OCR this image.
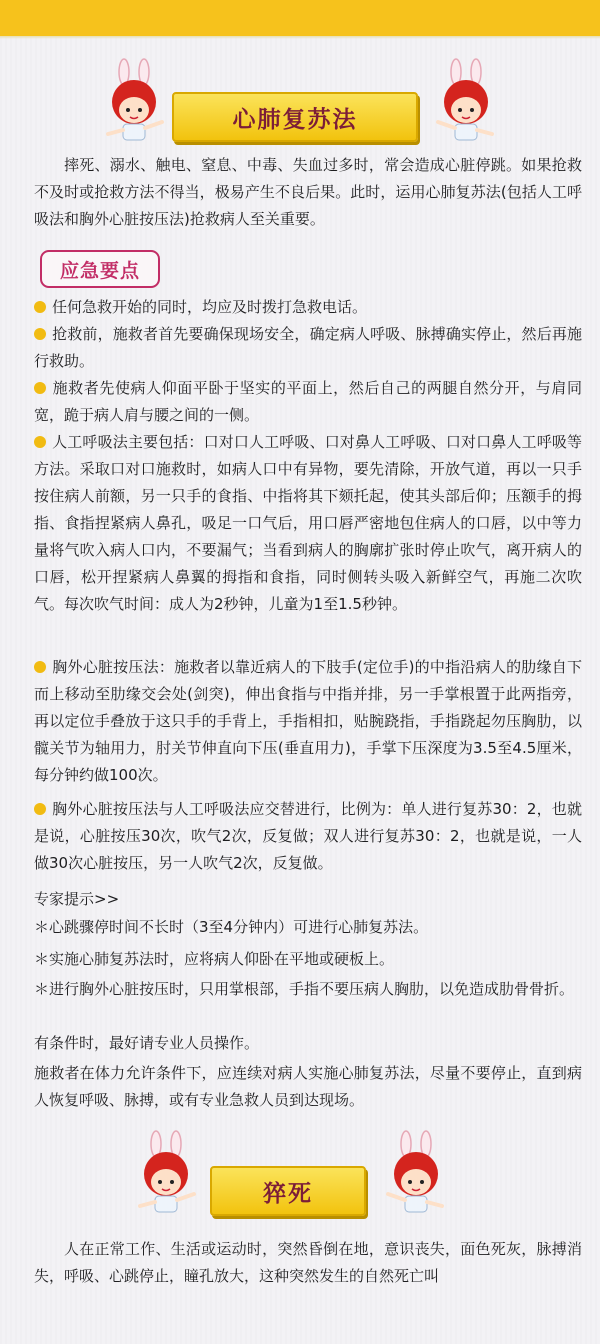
心肺复苏法
摔死、溺水、触电、窒息、中毒、失血过多时，常会造成心脏停跳。如果抢救不及时或抢救方法不得当，极易产生不良后果。此时，运用心肺复苏法(包括人工呼吸法和胸外心脏按压法)抢救病人至关重要。
应急要点
任何急救开始的同时，均应及时拨打急救电话。
抢救前，施救者首先要确保现场安全，确定病人呼吸、脉搏确实停止，然后再施行救助。
施救者先使病人仰面平卧于坚实的平面上，然后自己的两腿自然分开，与肩同宽，跪于病人肩与腰之间的一侧。
人工呼吸法主要包括：口对口人工呼吸、口对鼻人工呼吸、口对口鼻人工呼吸等方法。采取口对口施救时，如病人口中有异物，要先清除，开放气道，再以一只手按住病人前额，另一只手的食指、中指将其下颏托起，使其头部后仰；压额手的拇指、食指捏紧病人鼻孔，吸足一口气后，用口唇严密地包住病人的口唇，以中等力量将气吹入病人口内，不要漏气；当看到病人的胸廓扩张时停止吹气，离开病人的口唇，松开捏紧病人鼻翼的拇指和食指，同时侧转头吸入新鲜空气，再施二次吹气。每次吹气时间：成人为2秒钟，儿童为1至1.5秒钟。
胸外心脏按压法：施救者以靠近病人的下肢手(定位手)的中指沿病人的肋缘自下而上移动至肋缘交会处(剑突)，伸出食指与中指并排，另一手掌根置于此两指旁，再以定位手叠放于这只手的手背上，手指相扣，贴腕跷指，手指跷起勿压胸肋，以髋关节为轴用力，肘关节伸直向下压(垂直用力)，手掌下压深度为3.5至4.5厘米，每分钟约做100次。
胸外心脏按压法与人工呼吸法应交替进行，比例为：单人进行复苏30：2，也就是说，心脏按压30次，吹气2次，反复做；双人进行复苏30：2，也就是说，一人做30次心脏按压，另一人吹气2次，反复做。
专家提示>>
＊心跳骤停时间不长时（3至4分钟内）可进行心肺复苏法。
＊实施心肺复苏法时，应将病人仰卧在平地或硬板上。
＊进行胸外心脏按压时，只用掌根部，手指不要压病人胸肋，以免造成肋骨骨折。
有条件时，最好请专业人员操作。
施救者在体力允许条件下，应连续对病人实施心肺复苏法，尽量不要停止，直到病人恢复呼吸、脉搏，或有专业急救人员到达现场。
猝死
人在正常工作、生活或运动时，突然昏倒在地，意识丧失，面色死灰，脉搏消失，呼吸、心跳停止，瞳孔放大，这种突然发生的自然死亡叫
